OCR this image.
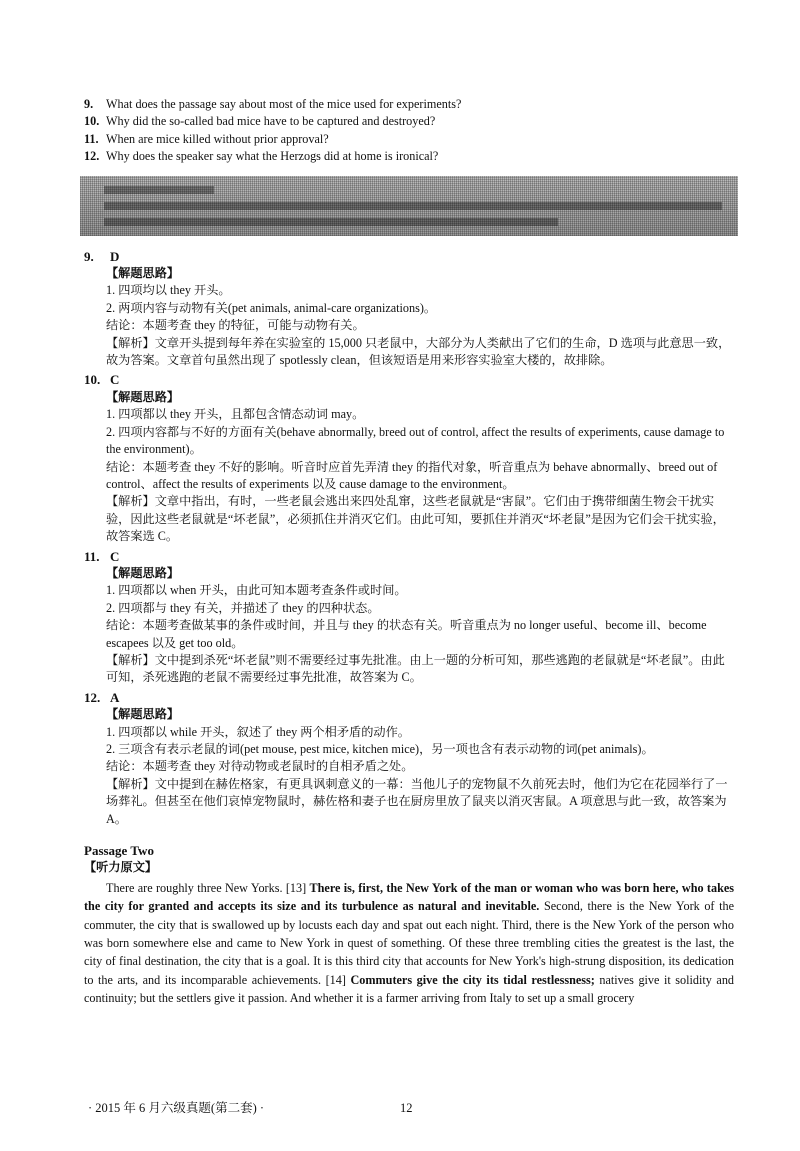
9. What does the passage say about most of the mice used for experiments?
10. Why did the so-called bad mice have to be captured and destroyed?
11. When are mice killed without prior approval?
12. Why does the speaker say what the Herzogs did at home is ironical?
9. D

【解题思路】

1. 四项均以 they 开头。

2. 两项内容与动物有关(pet animals, animal-care organizations)。

结论：本题考查 they 的特征，可能与动物有关。

【解析】文章开头提到每年养在实验室的 15,000 只老鼠中，大部分为人类献出了它们的生命，D 选项与此意思一致，故为答案。文章首句虽然出现了 spotlessly clean，但该短语是用来形容实验室大楼的，故排除。

10. C

【解题思路】

1. 四项都以 they 开头，且都包含情态动词 may。

2. 四项内容都与不好的方面有关(behave abnormally, breed out of control, affect the results of experiments, cause damage to the environment)。

结论：本题考查 they 不好的影响。听音时应首先弄清 they 的指代对象，听音重点为 behave abnormally、breed out of control、affect the results of experiments 以及 cause damage to the environment。

【解析】文章中指出，有时，一些老鼠会逃出来四处乱窜，这些老鼠就是“害鼠”。它们由于携带细菌生物会干扰实验，因此这些老鼠就是“坏老鼠”，必须抓住并消灭它们。由此可知，要抓住并消灭“坏老鼠”是因为它们会干扰实验，故答案选 C。

11. C

【解题思路】

1. 四项都以 when 开头，由此可知本题考查条件或时间。

2. 四项都与 they 有关，并描述了 they 的四种状态。

结论：本题考查做某事的条件或时间，并且与 they 的状态有关。听音重点为 no longer useful、become ill、become escapees 以及 get too old。

【解析】文中提到杀死“坏老鼠”则不需要经过事先批准。由上一题的分析可知，那些逃跑的老鼠就是“坏老鼠”。由此可知，杀死逃跑的老鼠不需要经过事先批准，故答案为 C。

12. A

【解题思路】

1. 四项都以 while 开头，叙述了 they 两个相矛盾的动作。

2. 三项含有表示老鼠的词(pet mouse, pest mice, kitchen mice)，另一项也含有表示动物的词(pet animals)。

结论：本题考查 they 对待动物或老鼠时的自相矛盾之处。

【解析】文中提到在赫佐格家，有更具讽刺意义的一幕：当他儿子的宠物鼠不久前死去时，他们为它在花园举行了一场葬礼。但甚至在他们哀悼宠物鼠时，赫佐格和妻子也在厨房里放了鼠夹以消灭害鼠。A 项意思与此一致，故答案为 A。

Passage Two
【听力原文】

There are roughly three New Yorks. [13] There is, first, the New York of the man or woman who was born here, who takes the city for granted and accepts its size and its turbulence as natural and inevitable. Second, there is the New York of the commuter, the city that is swallowed up by locusts each day and spat out each night. Third, there is the New York of the person who was born somewhere else and came to New York in quest of something. Of these three trembling cities the greatest is the last, the city of final destination, the city that is a goal. It is this third city that accounts for New York's high-strung disposition, its dedication to the arts, and its incomparable achievements. [14] Commuters give the city its tidal restlessness; natives give it solidity and continuity; but the settlers give it passion. And whether it is a farmer arriving from Italy to set up a small grocery

· 2015 年 6 月六级真题(第二套) ·	12
